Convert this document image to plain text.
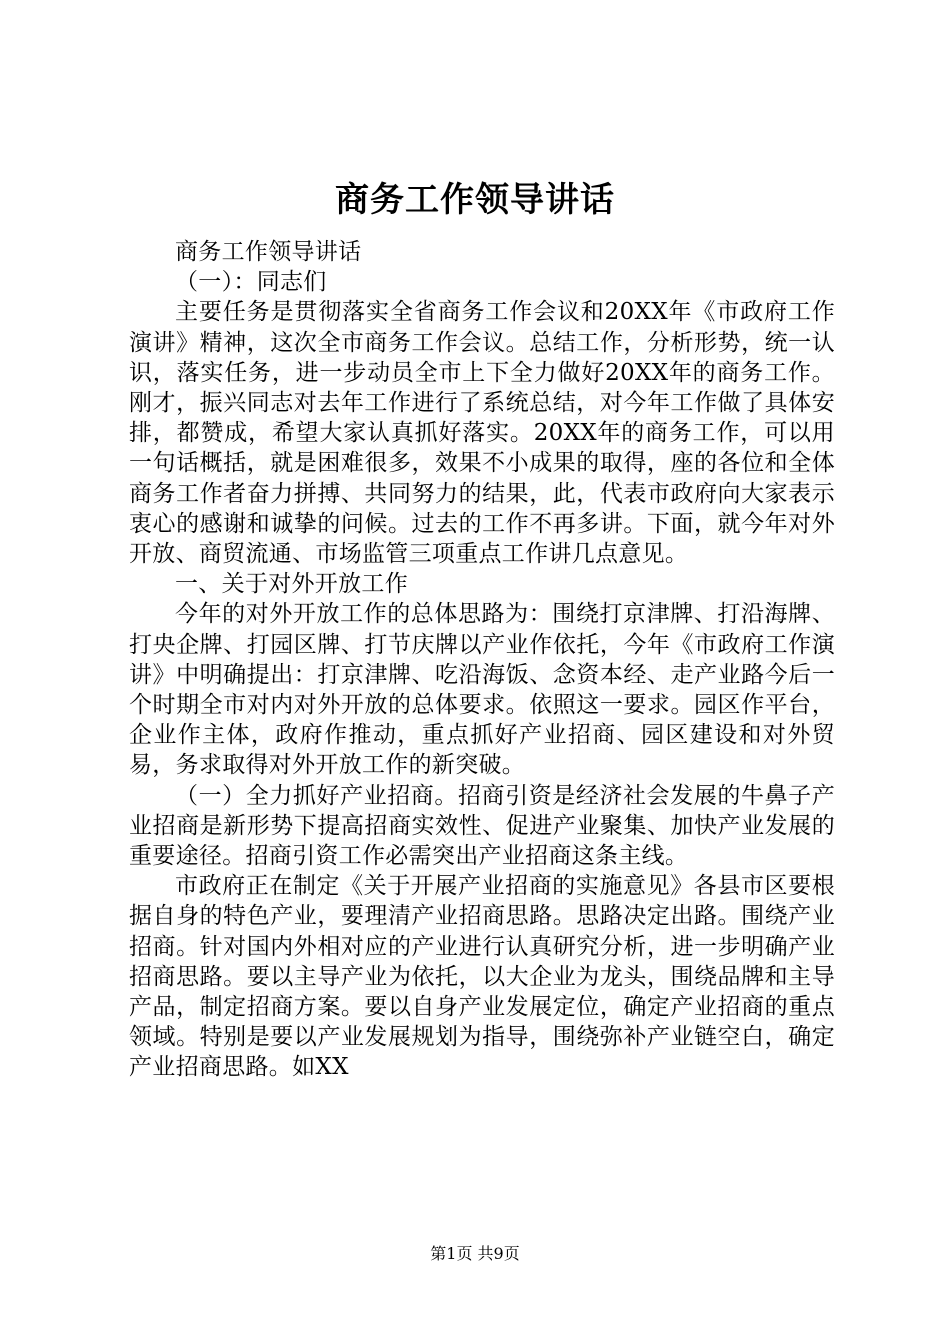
商务工作领导讲话

商务工作领导讲话

（一）：同志们

主要任务是贯彻落实全省商务工作会议和20XX年《市政府工作演讲》精神，这次全市商务工作会议。总结工作，分析形势，统一认识，落实任务，进一步动员全市上下全力做好20XX年的商务工作。刚才，振兴同志对去年工作进行了系统总结，对今年工作做了具体安排，都赞成，希望大家认真抓好落实。20XX年的商务工作，可以用一句话概括，就是困难很多，效果不小成果的取得，座的各位和全体商务工作者奋力拼搏、共同努力的结果，此，代表市政府向大家表示衷心的感谢和诚挚的问候。过去的工作不再多讲。下面，就今年对外开放、商贸流通、市场监管三项重点工作讲几点意见。

一、关于对外开放工作

今年的对外开放工作的总体思路为：围绕打京津牌、打沿海牌、打央企牌、打园区牌、打节庆牌以产业作依托，今年《市政府工作演讲》中明确提出：打京津牌、吃沿海饭、念资本经、走产业路今后一个时期全市对内对外开放的总体要求。依照这一要求。园区作平台，企业作主体，政府作推动，重点抓好产业招商、园区建设和对外贸易，务求取得对外开放工作的新突破。

（一）全力抓好产业招商。招商引资是经济社会发展的牛鼻子产业招商是新形势下提高招商实效性、促进产业聚集、加快产业发展的重要途径。招商引资工作必需突出产业招商这条主线。

市政府正在制定《关于开展产业招商的实施意见》各县市区要根据自身的特色产业，要理清产业招商思路。思路决定出路。围绕产业招商。针对国内外相对应的产业进行认真研究分析，进一步明确产业招商思路。要以主导产业为依托，以大企业为龙头，围绕品牌和主导产品，制定招商方案。要以自身产业发展定位，确定产业招商的重点领域。特别是要以产业发展规划为指导，围绕弥补产业链空白，确定产业招商思路。如XX

第1页 共9页
